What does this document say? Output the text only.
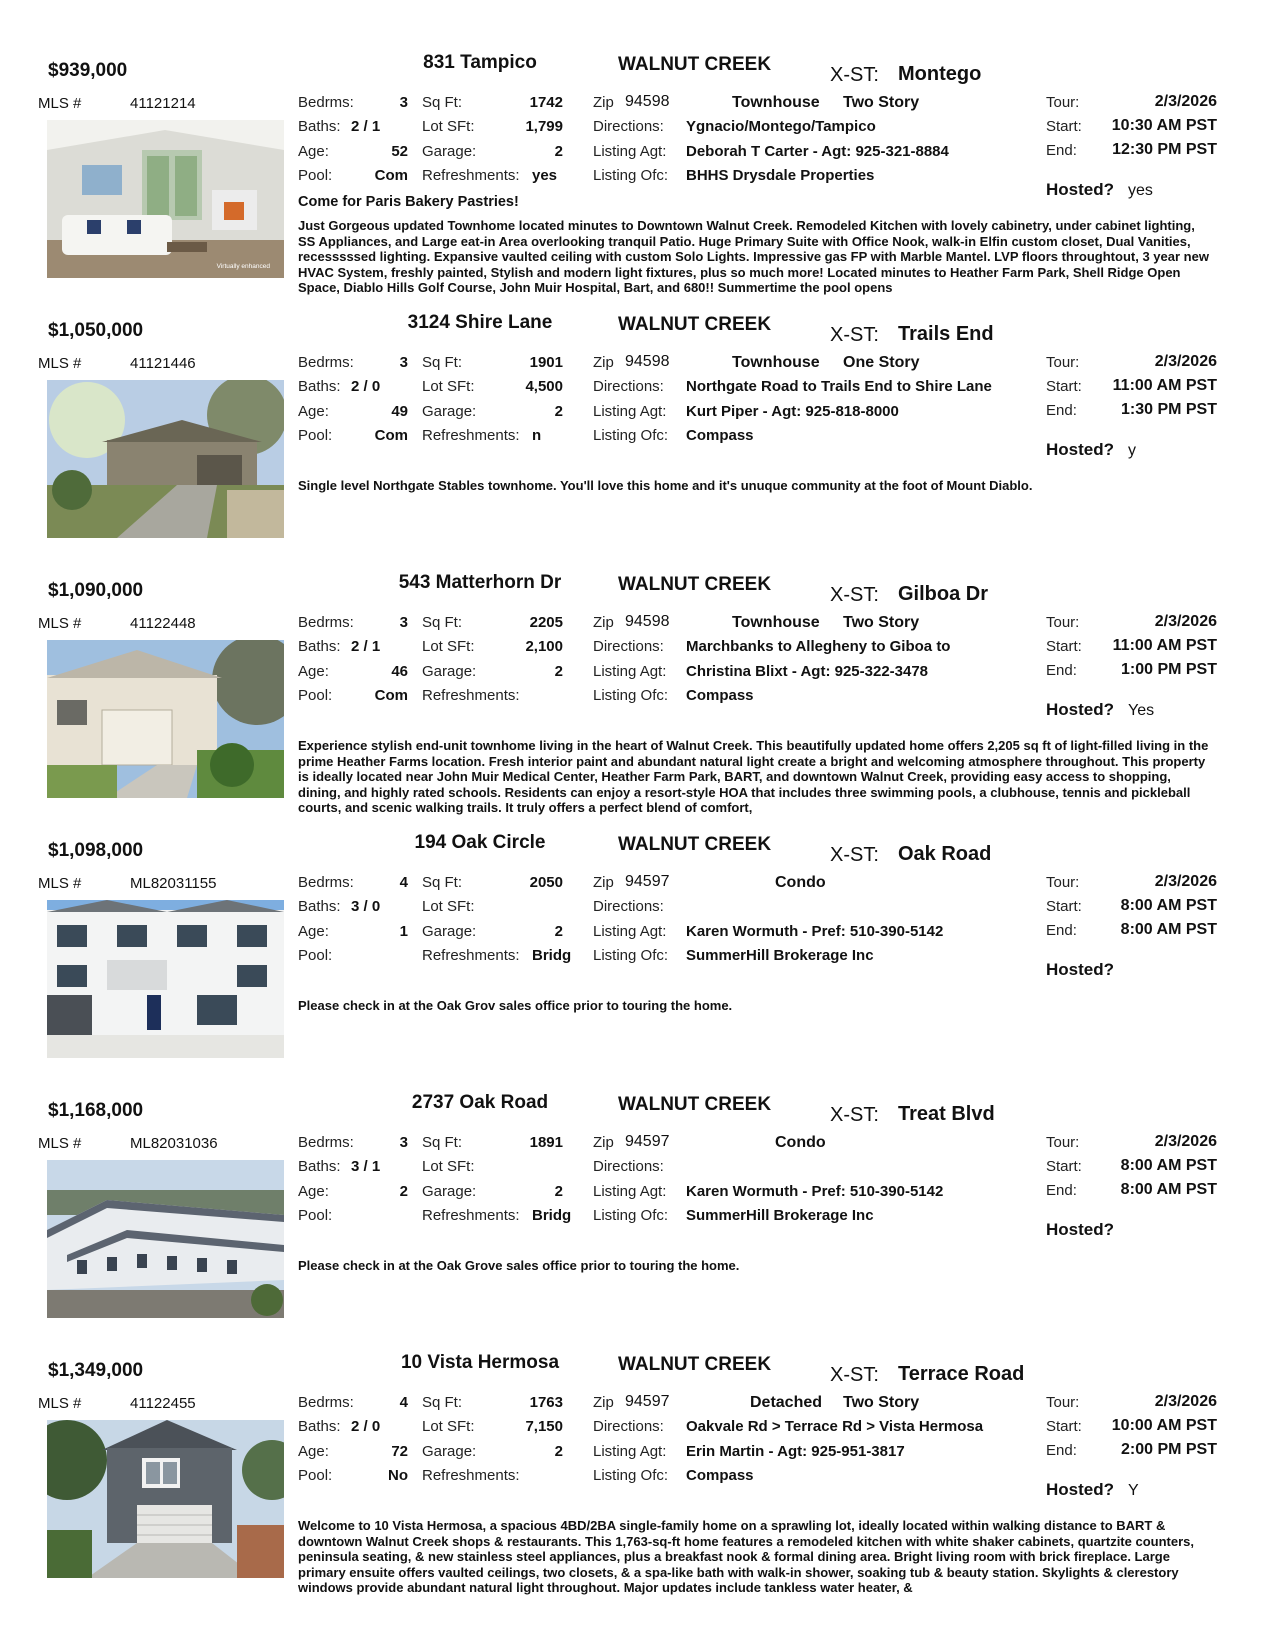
$939,000	831 Tampico	WALNUT CREEK	X-ST: Montego
MLS #	41121214
Virtually enhanced
Bedrms:	3
Baths: 2 / 1
Age:	52
Pool:	Com
Sq Ft:	1742
Lot SFt:	1,799
Garage:	2
Refreshments: yes
Zip 94598	Townhouse Two Story
Directions: Ygnacio/Montego/Tampico
Listing Agt: Deborah T Carter - Agt: 925-321-8884
Listing Ofc: BHHS Drysdale Properties
Tour:	2/3/2026
Start:	10:30 AM PST
End:	12:30 PM PST
Hosted? yes
Come for Paris Bakery Pastries!
Just Gorgeous updated Townhome located minutes to Downtown Walnut Creek. Remodeled Kitchen with lovely cabinetry, under cabinet lighting, SS Appliances, and Large eat-in Area overlooking tranquil Patio. Huge Primary Suite with Office Nook, walk-in Elfin custom closet, Dual Vanities, recesssssed lighting. Expansive vaulted ceiling with custom Solo Lights. Impressive gas FP with Marble Mantel. LVP floors throughtout, 3 year new HVAC System, freshly painted, Stylish and modern light fixtures, plus so much more! Located minutes to Heather Farm Park, Shell Ridge Open Space, Diablo Hills Golf Course, John Muir Hospital, Bart, and 680!! Summertime the pool opens
$1,050,000	3124 Shire Lane	WALNUT CREEK	X-ST: Trails End
MLS #	41121446	Bedrms:	3
Baths: 2 / 0
Age:	49
Pool:	Com
Sq Ft:	1901
Lot SFt:	4,500
Garage:	2
Refreshments: n
Zip 94598	Townhouse One Story
Directions: Northgate Road to Trails End to Shire Lane
Listing Agt: Kurt Piper - Agt: 925-818-8000
Listing Ofc: Compass
Tour:	2/3/2026
Start:	11:00 AM PST
End:	1:30 PM PST
Hosted? y
Single level Northgate Stables townhome. You'll love this home and it's unuque community at the foot of Mount Diablo.
$1,090,000	543 Matterhorn Dr	WALNUT CREEK	X-ST: Gilboa Dr
MLS #	41122448	Bedrms:	3
Baths: 2 / 1
Age:	46
Pool:	Com
Sq Ft:	2205
Lot SFt:	2,100
Garage:	2
Refreshments:
Zip 94598	Townhouse Two Story
Directions: Marchbanks to Allegheny to Giboa to
Listing Agt: Christina Blixt - Agt: 925-322-3478
Listing Ofc: Compass
Tour:	2/3/2026
Start:	11:00 AM PST
End:	1:00 PM PST
Hosted? Yes
Experience stylish end-unit townhome living in the heart of Walnut Creek. This beautifully updated home offers 2,205 sq ft of light-filled living in the prime Heather Farms location. Fresh interior paint and abundant natural light create a bright and welcoming atmosphere throughout. This property is ideally located near John Muir Medical Center, Heather Farm Park, BART, and downtown Walnut Creek, providing easy access to shopping, dining, and highly rated schools. Residents can enjoy a resort-style HOA that includes three swimming pools, a clubhouse, tennis and pickleball courts, and scenic walking trails. It truly offers a perfect blend of comfort,
$1,098,000	194 Oak Circle	WALNUT CREEK	X-ST: Oak Road
MLS #	ML82031155	Bedrms:	4
Baths: 3 / 0
Age:	1
Pool:
Sq Ft:	2050
Lot SFt:
Garage:	2
Refreshments: Bridg
Zip 94597	Condo
Directions:
Listing Agt: Karen Wormuth - Pref: 510-390-5142
Listing Ofc: SummerHill Brokerage Inc
Tour:	2/3/2026
Start:	8:00 AM PST
End:	8:00 AM PST
Hosted?
Please check in at the Oak Grov sales office prior to touring the home.
$1,168,000	2737 Oak Road	WALNUT CREEK	X-ST: Treat Blvd
MLS #	ML82031036	Bedrms:	3
Baths: 3 / 1
Age:	2
Pool:
Sq Ft:	1891
Lot SFt:
Garage:	2
Refreshments: Bridg
Zip 94597	Condo
Directions:
Listing Agt: Karen Wormuth - Pref: 510-390-5142
Listing Ofc: SummerHill Brokerage Inc
Tour:	2/3/2026
Start:	8:00 AM PST
End:	8:00 AM PST
Hosted?
Please check in at the Oak Grove sales office prior to touring the home.
$1,349,000	10 Vista Hermosa	WALNUT CREEK	X-ST: Terrace Road
MLS #	41122455	Bedrms:	4
Baths: 2 / 0
Age:	72
Pool:	No
Sq Ft:	1763
Lot SFt:	7,150
Garage:	2
Refreshments:
Zip 94597	Detached Two Story
Directions: Oakvale Rd > Terrace Rd > Vista Hermosa
Listing Agt: Erin Martin - Agt: 925-951-3817
Listing Ofc: Compass
Tour:	2/3/2026
Start:	10:00 AM PST
End:	2:00 PM PST
Hosted? Y
Welcome to 10 Vista Hermosa, a spacious 4BD/2BA single-family home on a sprawling lot, ideally located within walking distance to BART & downtown Walnut Creek shops & restaurants. This 1,763-sq-ft home features a remodeled kitchen with white shaker cabinets, quartzite counters, peninsula seating, & new stainless steel appliances, plus a breakfast nook & formal dining area. Bright living room with brick fireplace. Large primary ensuite offers vaulted ceilings, two closets, & a spa-like bath with walk-in shower, soaking tub & beauty station. Skylights & clerestory windows provide abundant natural light throughout. Major updates include tankless water heater, &
